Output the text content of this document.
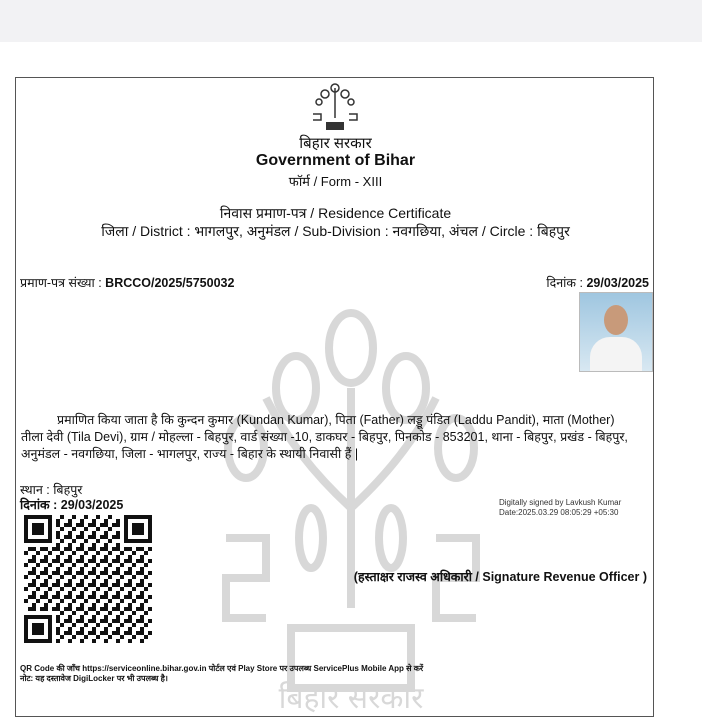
बिहार सरकार
बिहार सरकार
Government of Bihar
फॉर्म / Form - XIII
निवास प्रमाण-पत्र / Residence Certificate
जिला / District : भागलपुर, अनुमंडल / Sub-Division : नवगछिया, अंचल / Circle : बिहपुर
प्रमाण-पत्र संख्या : BRCCO/2025/5750032	दिनांक : 29/03/2025
प्रमाणित किया जाता है कि कुन्दन कुमार (Kundan Kumar), पिता (Father) लड्डू पंडित (Laddu Pandit), माता (Mother)
तीला देवी (Tila Devi), ग्राम / मोहल्ला - बिहपुर, वार्ड संख्या -10, डाकघर - बिहपुर, पिनकोड - 853201, थाना - बिहपुर, प्रखंड - बिहपुर,
अनुमंडल - नवगछिया, जिला - भागलपुर, राज्य - बिहार के स्थायी निवासी हैं |
स्थान : बिहपुर
दिनांक : 29/03/2025	Digitally signed by Lavkush Kumar
Date:2025.03.29 08:05:29 +05:30
(हस्ताक्षर राजस्व अधिकारी / Signature Revenue Officer )
QR Code की जाँच https://serviceonline.bihar.gov.in पोर्टल एवं Play Store पर उपलब्ध ServicePlus Mobile App से करें
नोट: यह दस्तावेज DigiLocker पर भी उपलब्ध है।
